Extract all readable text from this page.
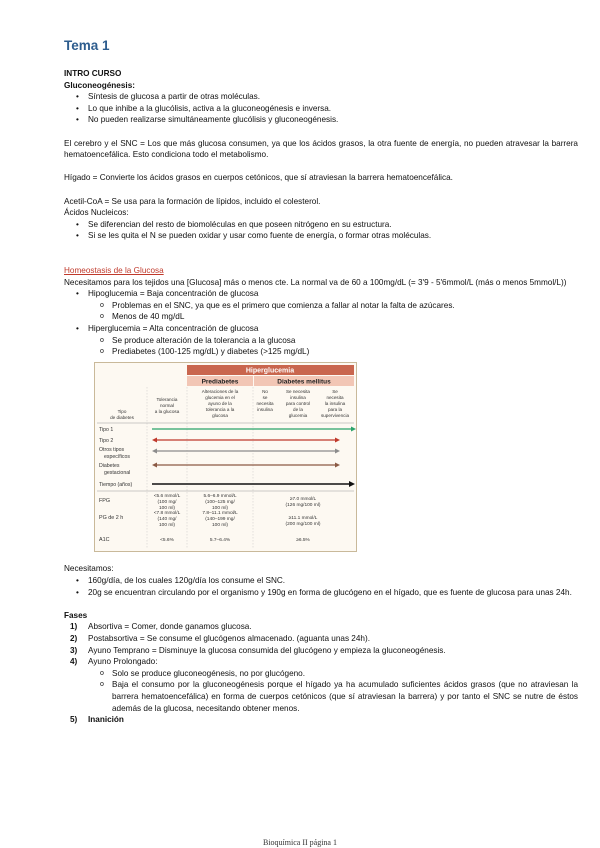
Tema 1

INTRO CURSO

Gluconeogénesis:

• Síntesis de glucosa a partir de otras moléculas.
• Lo que inhibe a la glucólisis, activa a la gluconeogénesis e inversa.
• No pueden realizarse simultáneamente glucólisis y gluconeogénesis.

El cerebro y el SNC = Los que más glucosa consumen, ya que los ácidos grasos, la otra fuente de energía, no pueden atravesar la barrera hematoencefálica. Esto condiciona todo el metabolismo.

Hígado = Convierte los ácidos grasos en cuerpos cetónicos, que sí atraviesan la barrera hematoencefálica.

Acetil-CoA = Se usa para la formación de lípidos, incluido el colesterol.

Ácidos Nucleicos:

• Se diferencian del resto de biomoléculas en que poseen nitrógeno en su estructura.
• Si se les quita el N se pueden oxidar y usar como fuente de energía, o formar otras moléculas.

Homeostasis de la Glucosa

Necesitamos para los tejidos una [Glucosa] más o menos cte. La normal va de 60 a 100mg/dL (= 3'9 - 5'6mmol/L (más o menos 5mmol/L))

• Hipoglucemia = Baja concentración de glucosa
o Problemas en el SNC, ya que es el primero que comienza a fallar al notar la falta de azúcares.
o Menos de 40 mg/dL
• Hiperglucemia = Alta concentración de glucosa
o Se produce alteración de la tolerancia a la glucosa
o Prediabetes (100-125 mg/dL) y diabetes (>125 mg/dL)
Hiperglucemia
Prediabetes	Diabetes mellitus
Tipo
de diabetes
Tolerancia
normal
a la glucosa
Alteraciones de la
glucemia en el
ayuno de la
tolerancia a la
glucosa
No
se
necesita
insulina
Se necesita
insulina
para control
de la
glucemia
Se
necesita
la insulina
para la
supervivencia
Tipo 1
Tipo 2
Otros tipos
específicos
Diabetes
gestacional
Tiempo (años)
FPG
PG de 2 h
A1C
<5.6 mmol/L
(100 mg/
100 ml)
<7.8 mmol/L
(140 mg/
100 ml)
<5.6%
5.6–6.9 mmol/L
(100–125 mg/
100 ml)
7.8–11.1 mmol/L
(140–199 mg/
100 ml)
5.7–6.4%
≥7.0 mmol/L
(126 mg/100 ml)
≥11.1 mmol/L
(200 mg/100 ml)
≥6.5%

Necesitamos:

• 160g/día, de los cuales 120g/día los consume el SNC.
• 20g se encuentran circulando por el organismo y 190g en forma de glucógeno en el hígado, que es fuente de glucosa para unas 24h.

Fases

1) Absortiva = Comer, donde ganamos glucosa.
2) Postabsortiva = Se consume el glucógenos almacenado. (aguanta unas 24h).
3) Ayuno Temprano = Disminuye la glucosa consumida del glucógeno y empieza la gluconeogénesis.
4) Ayuno Prolongado:
o Solo se produce gluconeogénesis, no por glucógeno.
o Baja el consumo por la gluconeogénesis porque el hígado ya ha acumulado suficientes ácidos grasos (que no atraviesan la barrera hematoencefálica) en forma de cuerpos cetónicos (que sí atraviesan la barrera) y por tanto el SNC se nutre de éstos además de la glucosa, necesitando obtener menos.
5) Inanición
Bioquímica II página 1
